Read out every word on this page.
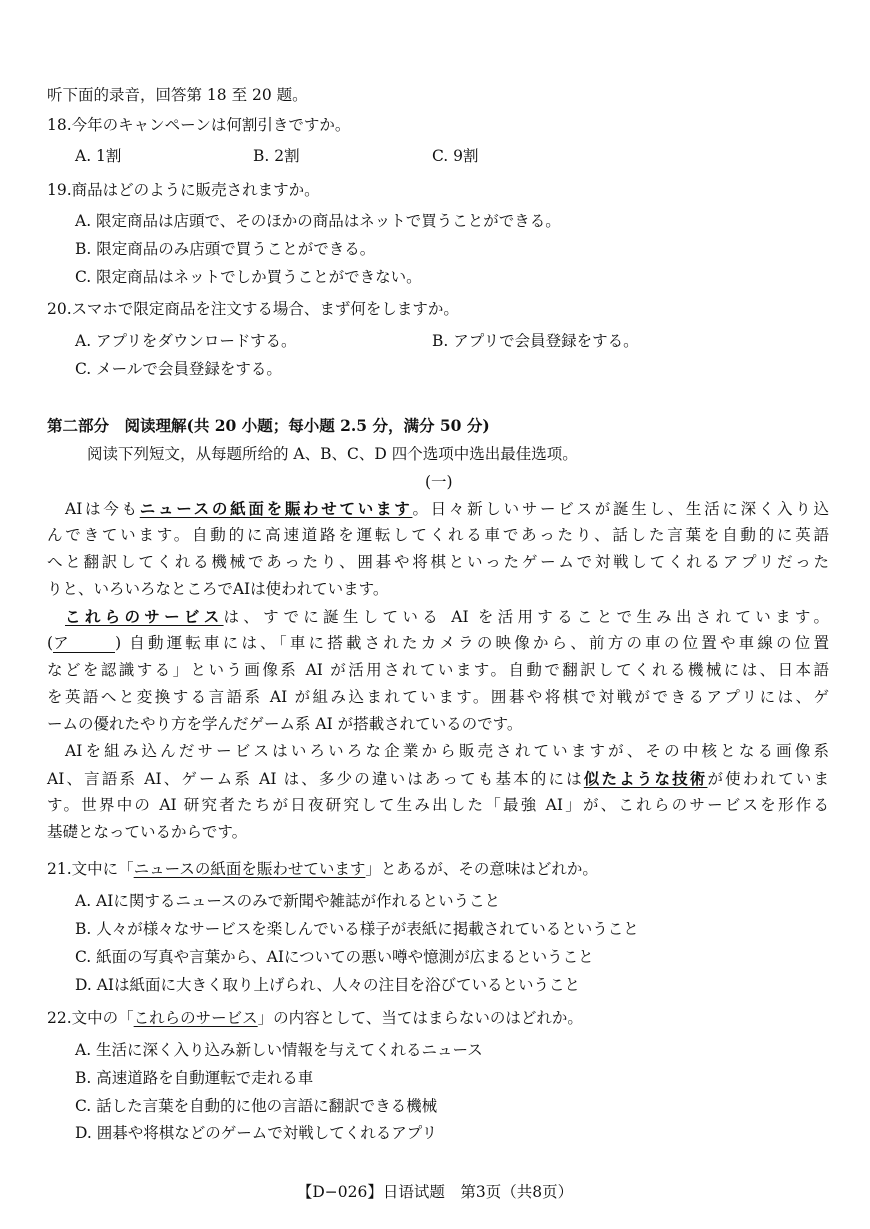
听下面的录音，回答第 18 至 20 题。
18.今年のキャンペーンは何割引きですか。
A. 1割	B. 2割	C. 9割
19.商品はどのように販売されますか。
A. 限定商品は店頭で、そのほかの商品はネットで買うことができる。
B. 限定商品のみ店頭で買うことができる。
C. 限定商品はネットでしか買うことができない。
20.スマホで限定商品を注文する場合、まず何をしますか。
A. アプリをダウンロードする。	B. アプリで会員登録をする。
C. メールで会員登録をする。
第二部分　阅读理解(共 20 小题；每小题 2.5 分，满分 50 分)
阅读下列短文，从每题所给的 A、B、C、D 四个选项中选出最佳选项。
(一)
AIは今もニュースの紙面を賑わせています。日々新しいサービスが誕生し、生活に深く入り込
んできています。自動的に高速道路を運転してくれる車であったり、話した言葉を自動的に英語
へと翻訳してくれる機械であったり、囲碁や将棋といったゲームで対戦してくれるアプリだった
りと、いろいろなところでAIは使われています。
これらのサービスは、すでに誕生している AI を活用することで生み出されています。
(ア	) 自動運転車には、「車に搭載されたカメラの映像から、前方の車の位置や車線の位置
などを認識する」という画像系 AI が活用されています。自動で翻訳してくれる機械には、日本語
を英語へと変換する言語系 AI が組み込まれています。囲碁や将棋で対戦ができるアプリには、ゲ
ームの優れたやり方を学んだゲーム系 AI が搭載されているのです。
AIを組み込んだサービスはいろいろな企業から販売されていますが、その中核となる画像系
AI、言語系 AI、ゲーム系 AI は、多少の違いはあっても基本的には似たような技術が使われていま
す。世界中の AI 研究者たちが日夜研究して生み出した「最強 AI」が、これらのサービスを形作る
基礎となっているからです。
21.文中に「ニュースの紙面を賑わせています」とあるが、その意味はどれか。
A. AIに関するニュースのみで新聞や雑誌が作れるということ
B. 人々が様々なサービスを楽しんでいる様子が表紙に掲載されているということ
C. 紙面の写真や言葉から、AIについての悪い噂や憶測が広まるということ
D. AIは紙面に大きく取り上げられ、人々の注目を浴びているということ
22.文中の「これらのサービス」の内容として、当てはまらないのはどれか。
A. 生活に深く入り込み新しい情報を与えてくれるニュース
B. 高速道路を自動運転で走れる車
C. 話した言葉を自動的に他の言語に翻訳できる機械
D. 囲碁や将棋などのゲームで対戦してくれるアプリ
【D−026】日语试题　第3页（共8页）
